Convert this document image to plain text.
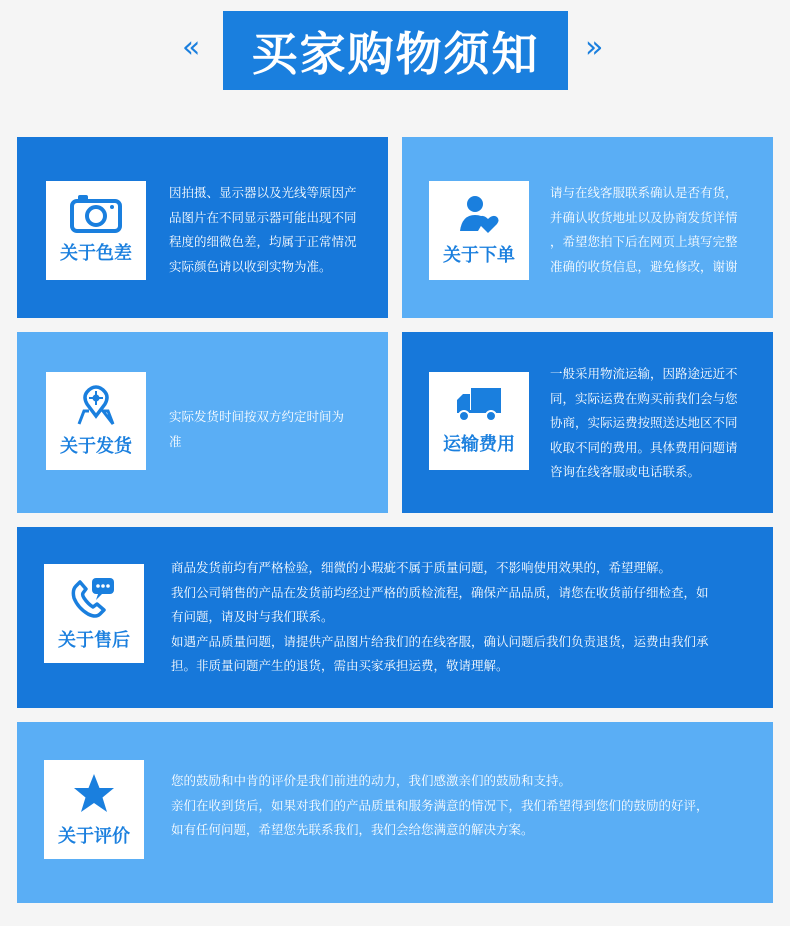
«	买家购物须知	»
关于色差
因拍摄、显示器以及光线等原因产
品图片在不同显示器可能出现不同
程度的细微色差，均属于正常情况
实际颜色请以收到实物为准。	关于下单
请与在线客服联系确认是否有货，
并确认收货地址以及协商发货详情
，希望您拍下后在网页上填写完整
准确的收货信息，避免修改，谢谢
关于发货
实际发货时间按双方约定时间为
准	运输费用
一般采用物流运输，因路途远近不
同，实际运费在购买前我们会与您
协商，实际运费按照送达地区不同
收取不同的费用。具体费用问题请
咨询在线客服或电话联系。
关于售后
商品发货前均有严格检验，细微的小瑕疵不属于质量问题，不影响使用效果的，希望理解。
我们公司销售的产品在发货前均经过严格的质检流程，确保产品品质，请您在收货前仔细检查，如
有问题，请及时与我们联系。
如遇产品质量问题，请提供产品图片给我们的在线客服，确认问题后我们负责退货，运费由我们承
担。非质量问题产生的退货，需由买家承担运费，敬请理解。
关于评价
您的鼓励和中肯的评价是我们前进的动力，我们感激亲们的鼓励和支持。
亲们在收到货后，如果对我们的产品质量和服务满意的情况下，我们希望得到您们的鼓励的好评，
如有任何问题，希望您先联系我们，我们会给您满意的解决方案。
